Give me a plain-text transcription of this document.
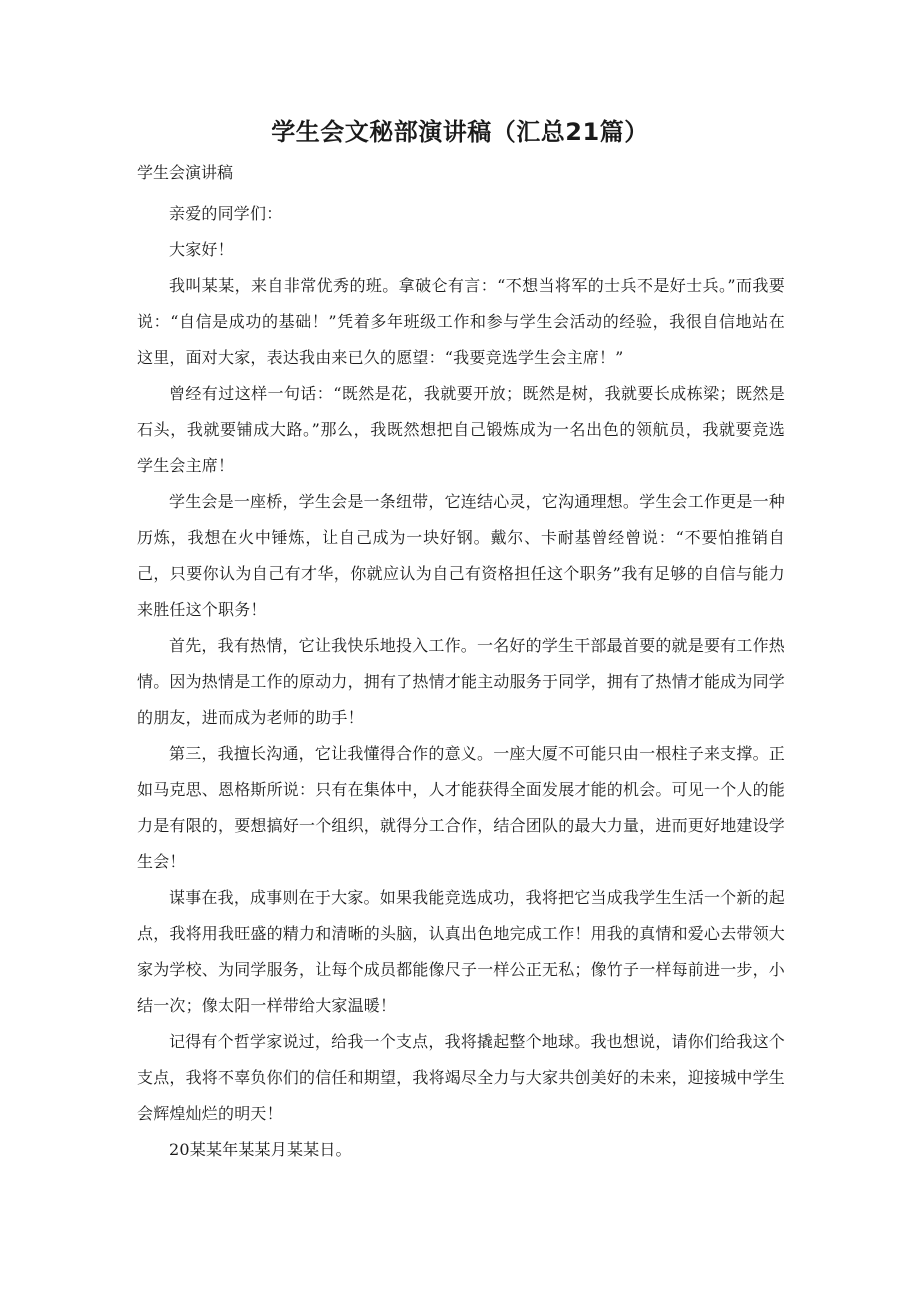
学生会文秘部演讲稿（汇总21篇）

学生会演讲稿

亲爱的同学们：

大家好！

我叫某某，来自非常优秀的班。拿破仑有言：“不想当将军的士兵不是好士兵。”而我要说：“自信是成功的基础！”凭着多年班级工作和参与学生会活动的经验，我很自信地站在这里，面对大家，表达我由来已久的愿望：“我要竞选学生会主席！”

曾经有过这样一句话：“既然是花，我就要开放；既然是树，我就要长成栋梁；既然是石头，我就要铺成大路。”那么，我既然想把自己锻炼成为一名出色的领航员，我就要竞选学生会主席！

学生会是一座桥，学生会是一条纽带，它连结心灵，它沟通理想。学生会工作更是一种历炼，我想在火中锤炼，让自己成为一块好钢。戴尔、卡耐基曾经曾说：“不要怕推销自己，只要你认为自己有才华，你就应认为自己有资格担任这个职务”我有足够的自信与能力来胜任这个职务！

首先，我有热情，它让我快乐地投入工作。一名好的学生干部最首要的就是要有工作热情。因为热情是工作的原动力，拥有了热情才能主动服务于同学，拥有了热情才能成为同学的朋友，进而成为老师的助手！

第三，我擅长沟通，它让我懂得合作的意义。一座大厦不可能只由一根柱子来支撑。正如马克思、恩格斯所说：只有在集体中，人才能获得全面发展才能的机会。可见一个人的能力是有限的，要想搞好一个组织，就得分工合作，结合团队的最大力量，进而更好地建设学生会！

谋事在我，成事则在于大家。如果我能竞选成功，我将把它当成我学生生活一个新的起点，我将用我旺盛的精力和清晰的头脑，认真出色地完成工作！用我的真情和爱心去带领大家为学校、为同学服务，让每个成员都能像尺子一样公正无私；像竹子一样每前进一步，小结一次；像太阳一样带给大家温暖！

记得有个哲学家说过，给我一个支点，我将撬起整个地球。我也想说，请你们给我这个支点，我将不辜负你们的信任和期望，我将竭尽全力与大家共创美好的未来，迎接城中学生会辉煌灿烂的明天！

20某某年某某月某某日。
